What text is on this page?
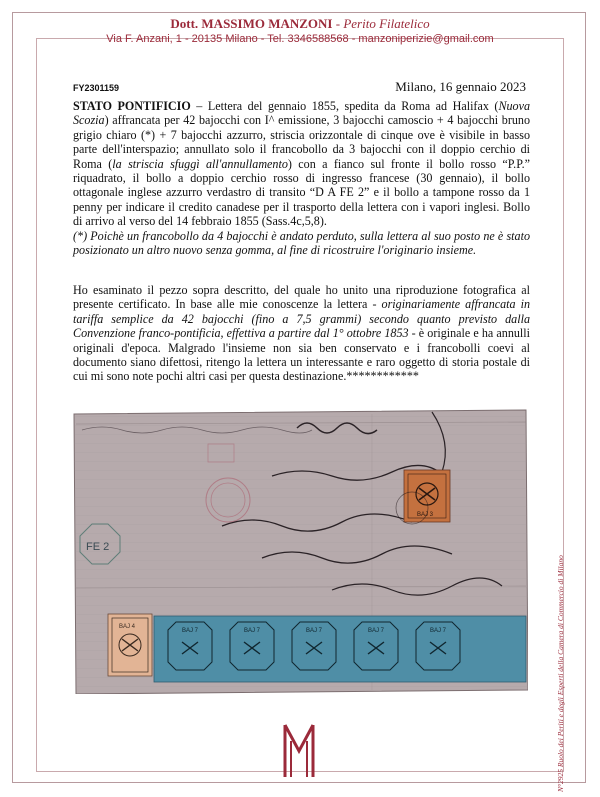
Dott. MASSIMO MANZONI - Perito Filatelico
Via F. Anzani, 1 - 20135 Milano - Tel. 3346588568 - manzoniperizie@gmail.com
FY2301159	Milano, 16 gennaio 2023
STATO PONTIFICIO – Lettera del gennaio 1855, spedita da Roma ad Halifax (Nuova Scozia) affrancata per 42 bajocchi con I^ emissione, 3 bajocchi camoscio + 4 bajocchi bruno grigio chiaro (*) + 7 bajocchi azzurro, striscia orizzontale di cinque ove è visibile in basso parte dell'interspazio; annullato solo il francobollo da 3 bajocchi con il doppio cerchio di Roma (la striscia sfuggì all'annullamento) con a fianco sul fronte il bollo rosso “P.P.” riquadrato, il bollo a doppio cerchio rosso di ingresso francese (30 gennaio), il bollo ottagonale inglese azzurro verdastro di transito “D A FE 2” e il bollo a tampone rosso da 1 penny per indicare il credito canadese per il trasporto della lettera con i vapori inglesi. Bollo di arrivo al verso del 14 febbraio 1855 (Sass.4c,5,8).
(*) Poichè un francobollo da 4 bajocchi è andato perduto, sulla lettera al suo posto ne è stato posizionato un altro nuovo senza gomma, al fine di ricostruire l'originario insieme.
Ho esaminato il pezzo sopra descritto, del quale ho unito una riproduzione fotografica al presente certificato. In base alle mie conoscenze la lettera - originariamente affrancata in tariffa semplice da 42 bajocchi (fino a 7,5 grammi) secondo quanto previsto dalla Convenzione franco-pontificia, effettiva a partire dal 1° ottobre 1853 - è originale e ha annulli originali d'epoca. Malgrado l'insieme non sia ben conservato e i francobolli coevi al documento siano difettosi, ritengo la lettera un interessante e raro oggetto di storia postale di cui mi sono note pochi altri casi per questa destinazione.************
FE 2
BAJ 3
BAJ 7	BAJ 7	BAJ 7	BAJ 7	BAJ 7
BAJ 4	N°2925 Ruolo dei Periti e degli Esperti della Camera di Commercio di Milano
